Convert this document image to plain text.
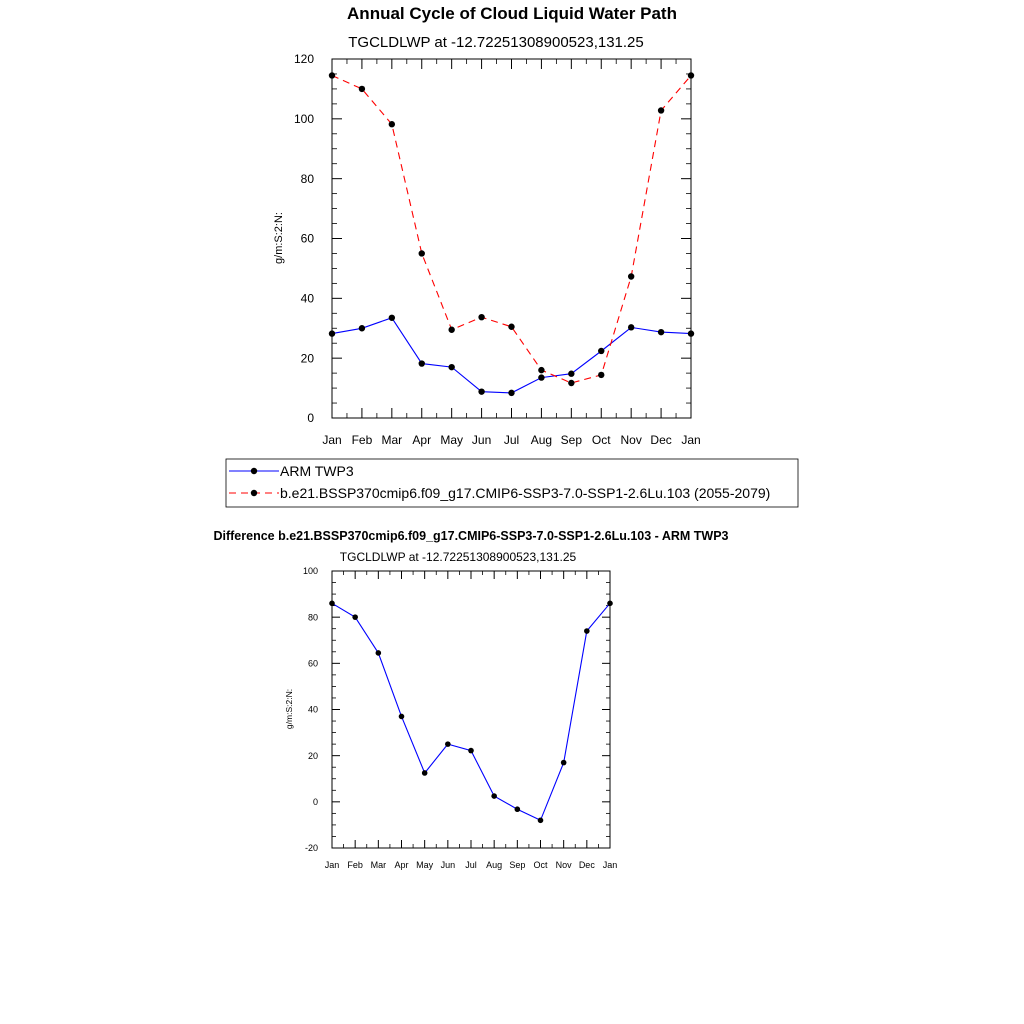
Annual Cycle of Cloud Liquid Water Path
TGCLDLWP at -12.72251308900523,131.25
Jan Feb Mar Apr May Jun Jul Aug Sep Oct Nov Dec Jan
0
20
40
60
80
100
120
g/m:S:2:N:
ARM TWP3
b.e21.BSSP370cmip6.f09_g17.CMIP6-SSP3-7.0-SSP1-2.6Lu.103 (2055-2079)
Difference b.e21.BSSP370cmip6.f09_g17.CMIP6-SSP3-7.0-SSP1-2.6Lu.103 - ARM TWP3
TGCLDLWP at -12.72251308900523,131.25
Jan Feb Mar Apr May Jun Jul Aug Sep Oct Nov Dec Jan
-20
0
20
40
60
80
100
g/m:S:2:N:
